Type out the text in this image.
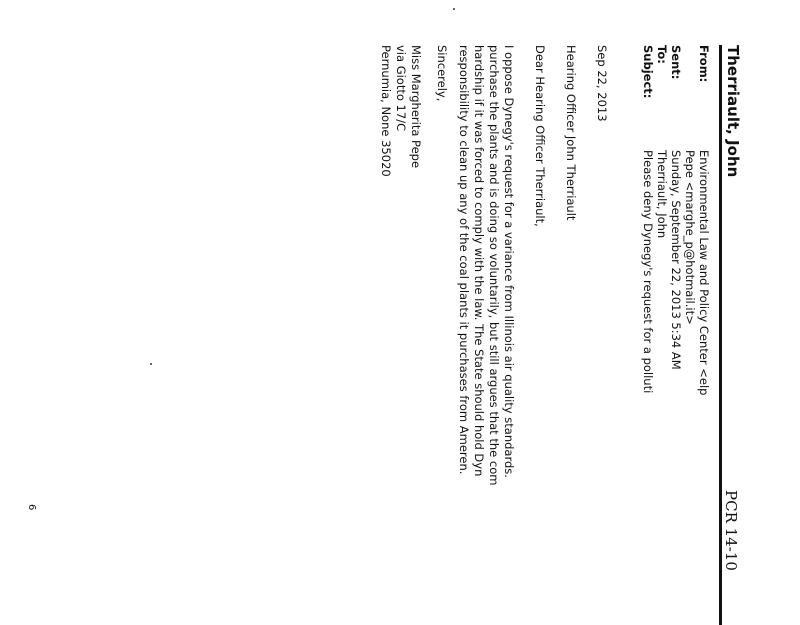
Therriault, John
PCR 14-10
From:
Environmental Law and Policy Center <elp
Pepe <marghe_p@hotmail.it>
Sent:
Sunday, September 22, 2013 5:34 AM
To:
Therriault, John
Subject:
Please deny Dynegy's request for a polluti
Sep 22, 2013
Hearing Officer John Therriault
Dear Hearing Officer Therriault,
I oppose Dynegy's request for a variance from Illinois air quality standards.
purchase the plants and is doing so voluntarily, but still argues that the com
hardship if it was forced to comply with the law. The State should hold Dyn
responsibility to clean up any of the coal plants it purchases from Ameren.
Sincerely,
Miss Margherita Pepe
via Giotto 17/C
Pernumia, None 35020
6
